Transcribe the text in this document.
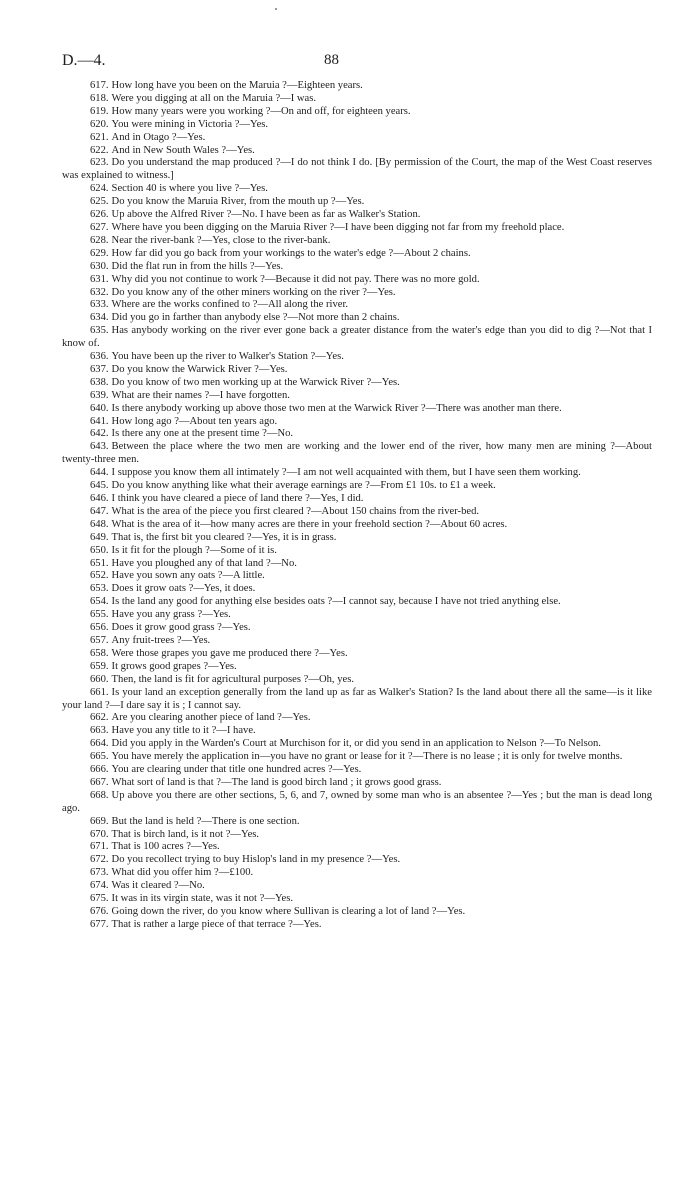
D.—4.	88

617. How long have you been on the Maruia ?—Eighteen years.

618. Were you digging at all on the Maruia ?—I was.

619. How many years were you working ?—On and off, for eighteen years.

620. You were mining in Victoria ?—Yes.

621. And in Otago ?—Yes.

622. And in New South Wales ?—Yes.

623. Do you understand the map produced ?—I do not think I do. [By permission of the Court, the map of the West Coast reserves was explained to witness.]

624. Section 40 is where you live ?—Yes.

625. Do you know the Maruia River, from the mouth up ?—Yes.

626. Up above the Alfred River ?—No. I have been as far as Walker's Station.

627. Where have you been digging on the Maruia River ?—I have been digging not far from my freehold place.

628. Near the river-bank ?—Yes, close to the river-bank.

629. How far did you go back from your workings to the water's edge ?—About 2 chains.

630. Did the flat run in from the hills ?—Yes.

631. Why did you not continue to work ?—Because it did not pay. There was no more gold.

632. Do you know any of the other miners working on the river ?—Yes.

633. Where are the works confined to ?—All along the river.

634. Did you go in farther than anybody else ?—Not more than 2 chains.

635. Has anybody working on the river ever gone back a greater distance from the water's edge than you did to dig ?—Not that I know of.

636. You have been up the river to Walker's Station ?—Yes.

637. Do you know the Warwick River ?—Yes.

638. Do you know of two men working up at the Warwick River ?—Yes.

639. What are their names ?—I have forgotten.

640. Is there anybody working up above those two men at the Warwick River ?—There was another man there.

641. How long ago ?—About ten years ago.

642. Is there any one at the present time ?—No.

643. Between the place where the two men are working and the lower end of the river, how many men are mining ?—About twenty-three men.

644. I suppose you know them all intimately ?—I am not well acquainted with them, but I have seen them working.

645. Do you know anything like what their average earnings are ?—From £1 10s. to £1 a week.

646. I think you have cleared a piece of land there ?—Yes, I did.

647. What is the area of the piece you first cleared ?—About 150 chains from the river-bed.

648. What is the area of it—how many acres are there in your freehold section ?—About 60 acres.

649. That is, the first bit you cleared ?—Yes, it is in grass.

650. Is it fit for the plough ?—Some of it is.

651. Have you ploughed any of that land ?—No.

652. Have you sown any oats ?—A little.

653. Does it grow oats ?—Yes, it does.

654. Is the land any good for anything else besides oats ?—I cannot say, because I have not tried anything else.

655. Have you any grass ?—Yes.

656. Does it grow good grass ?—Yes.

657. Any fruit-trees ?—Yes.

658. Were those grapes you gave me produced there ?—Yes.

659. It grows good grapes ?—Yes.

660. Then, the land is fit for agricultural purposes ?—Oh, yes.

661. Is your land an exception generally from the land up as far as Walker's Station? Is the land about there all the same—is it like your land ?—I dare say it is ; I cannot say.

662. Are you clearing another piece of land ?—Yes.

663. Have you any title to it ?—I have.

664. Did you apply in the Warden's Court at Murchison for it, or did you send in an application to Nelson ?—To Nelson.

665. You have merely the application in—you have no grant or lease for it ?—There is no lease ; it is only for twelve months.

666. You are clearing under that title one hundred acres ?—Yes.

667. What sort of land is that ?—The land is good birch land ; it grows good grass.

668. Up above you there are other sections, 5, 6, and 7, owned by some man who is an absentee ?—Yes ; but the man is dead long ago.

669. But the land is held ?—There is one section.

670. That is birch land, is it not ?—Yes.

671. That is 100 acres ?—Yes.

672. Do you recollect trying to buy Hislop's land in my presence ?—Yes.

673. What did you offer him ?—£100.

674. Was it cleared ?—No.

675. It was in its virgin state, was it not ?—Yes.

676. Going down the river, do you know where Sullivan is clearing a lot of land ?—Yes.

677. That is rather a large piece of that terrace ?—Yes.
